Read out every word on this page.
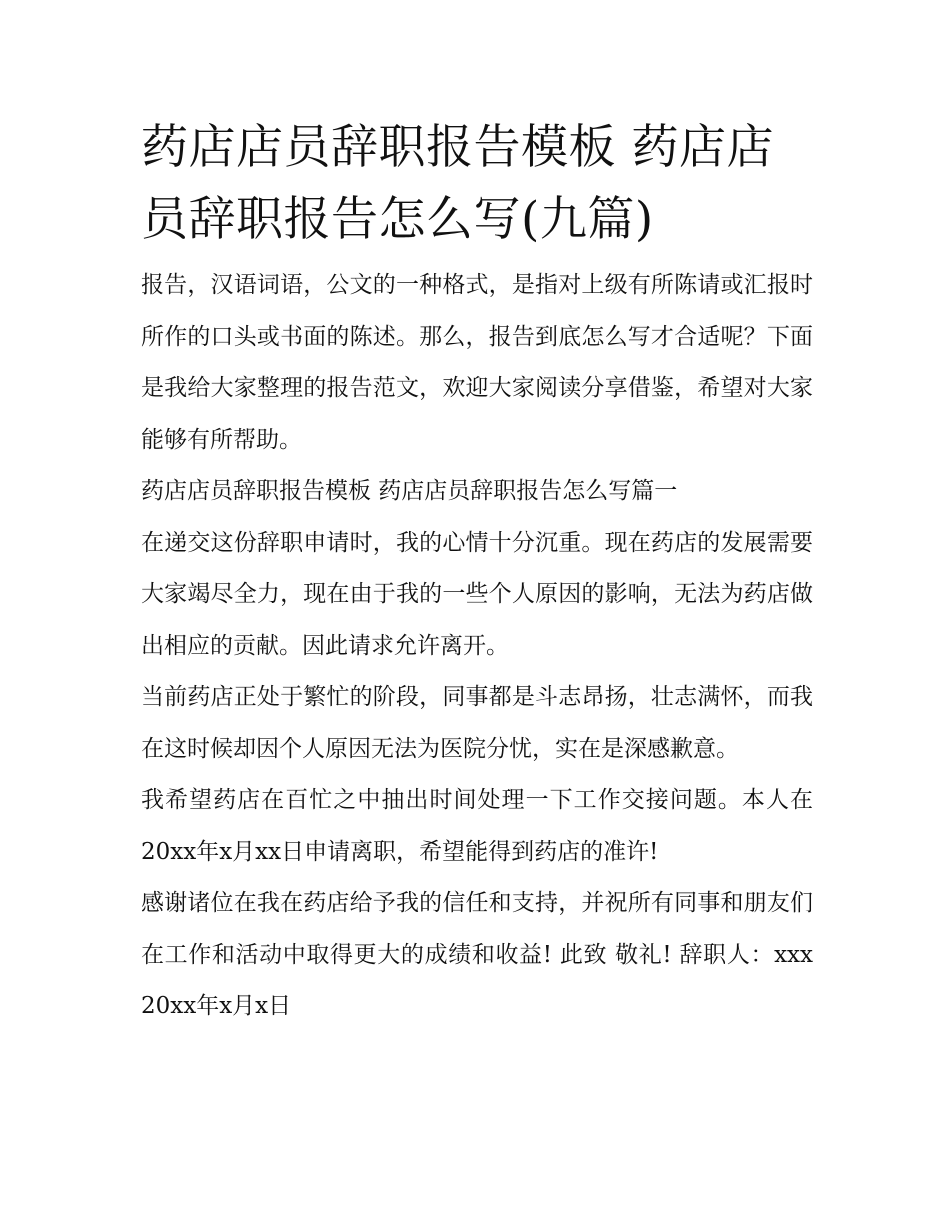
药店店员辞职报告模板 药店店员辞职报告怎么写(九篇)

报告，汉语词语，公文的一种格式，是指对上级有所陈请或汇报时所作的口头或书面的陈述。那么，报告到底怎么写才合适呢？下面是我给大家整理的报告范文，欢迎大家阅读分享借鉴，希望对大家能够有所帮助。

药店店员辞职报告模板 药店店员辞职报告怎么写篇一

在递交这份辞职申请时，我的心情十分沉重。现在药店的发展需要大家竭尽全力，现在由于我的一些个人原因的影响，无法为药店做出相应的贡献。因此请求允许离开。

当前药店正处于繁忙的阶段，同事都是斗志昂扬，壮志满怀，而我在这时候却因个人原因无法为医院分忧，实在是深感歉意。

我希望药店在百忙之中抽出时间处理一下工作交接问题。本人在20xx年x月xx日申请离职，希望能得到药店的准许!

感谢诸位在我在药店给予我的信任和支持，并祝所有同事和朋友们在工作和活动中取得更大的成绩和收益! 此致 敬礼! 辞职人：xxx 20xx年x月x日
